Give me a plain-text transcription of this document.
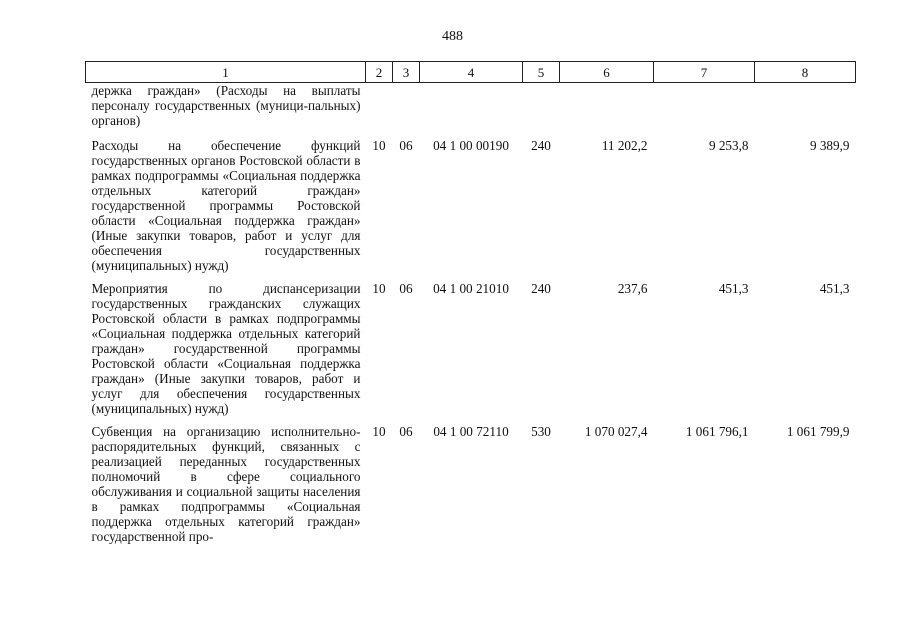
488
1	2	3	4	5	6	7	8
держка граждан» (Расходы на выплаты персоналу государственных (муници-пальных) органов)							
Расходы на обеспечение функций государственных органов Ростовской области в рамках подпрограммы «Социальная поддержка отдельных категорий граждан» государственной программы Ростовской области «Социальная поддержка граждан» (Иные закупки товаров, работ и услуг для обеспечения государственных (муниципальных) нужд)	10	06	04 1 00 00190	240	11 202,2	9 253,8	9 389,9
Мероприятия по диспансеризации государственных гражданских служащих Ростовской области в рамках подпрограммы «Социальная поддержка отдельных категорий граждан» государственной программы Ростовской области «Социальная поддержка граждан» (Иные закупки товаров, работ и услуг для обеспечения государственных (муниципальных) нужд)	10	06	04 1 00 21010	240	237,6	451,3	451,3
Субвенция на организацию исполнительно-распорядительных функций, связанных с реализацией переданных государственных полномочий в сфере социального обслуживания и социальной защиты населения в рамках подпрограммы «Социальная поддержка отдельных категорий граждан» государственной про-	10	06	04 1 00 72110	530	1 070 027,4	1 061 796,1	1 061 799,9
